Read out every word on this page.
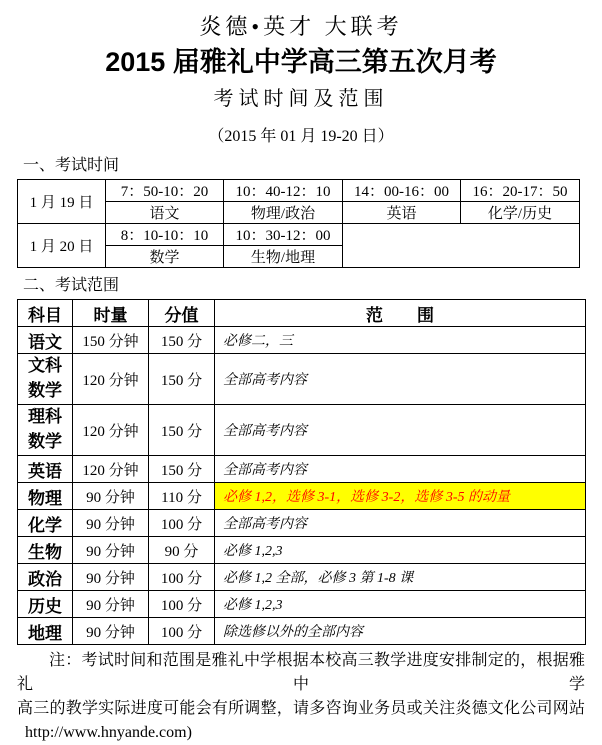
炎德•英才 大联考
2015 届雅礼中学高三第五次月考
考试时间及范围
（2015 年 01 月 19-20 日）
一、考试时间
1 月 19 日	7：50-10：20	10：40-12：10	14：00-16：00	16：20-17：50
	语文	物理/政治	英语	化学/历史
1 月 20 日	8：10-10：10	10：30-12：00		
	数学	生物/地理		
二、考试范围
科目	时量	分值	范　　围
语文	150 分钟	150 分	必修二，三
文科数学	120 分钟	150 分	全部高考内容
理科数学	120 分钟	150 分	全部高考内容
英语	120 分钟	150 分	全部高考内容
物理	90 分钟	110 分	必修 1,2，选修 3-1，选修 3-2，选修 3-5 的动量
化学	90 分钟	100 分	全部高考内容
生物	90 分钟	90 分	必修 1,2,3
政治	90 分钟	100 分	必修 1,2 全部，必修 3 第 1-8 课
历史	90 分钟	100 分	必修 1,2,3
地理	90 分钟	100 分	除选修以外的全部内容
注：考试时间和范围是雅礼中学根据本校高三教学进度安排制定的，根据雅礼中学
高三的教学实际进度可能会有所调整，请多咨询业务员或关注炎德文化公司网站
http://www.hnyande.com)
